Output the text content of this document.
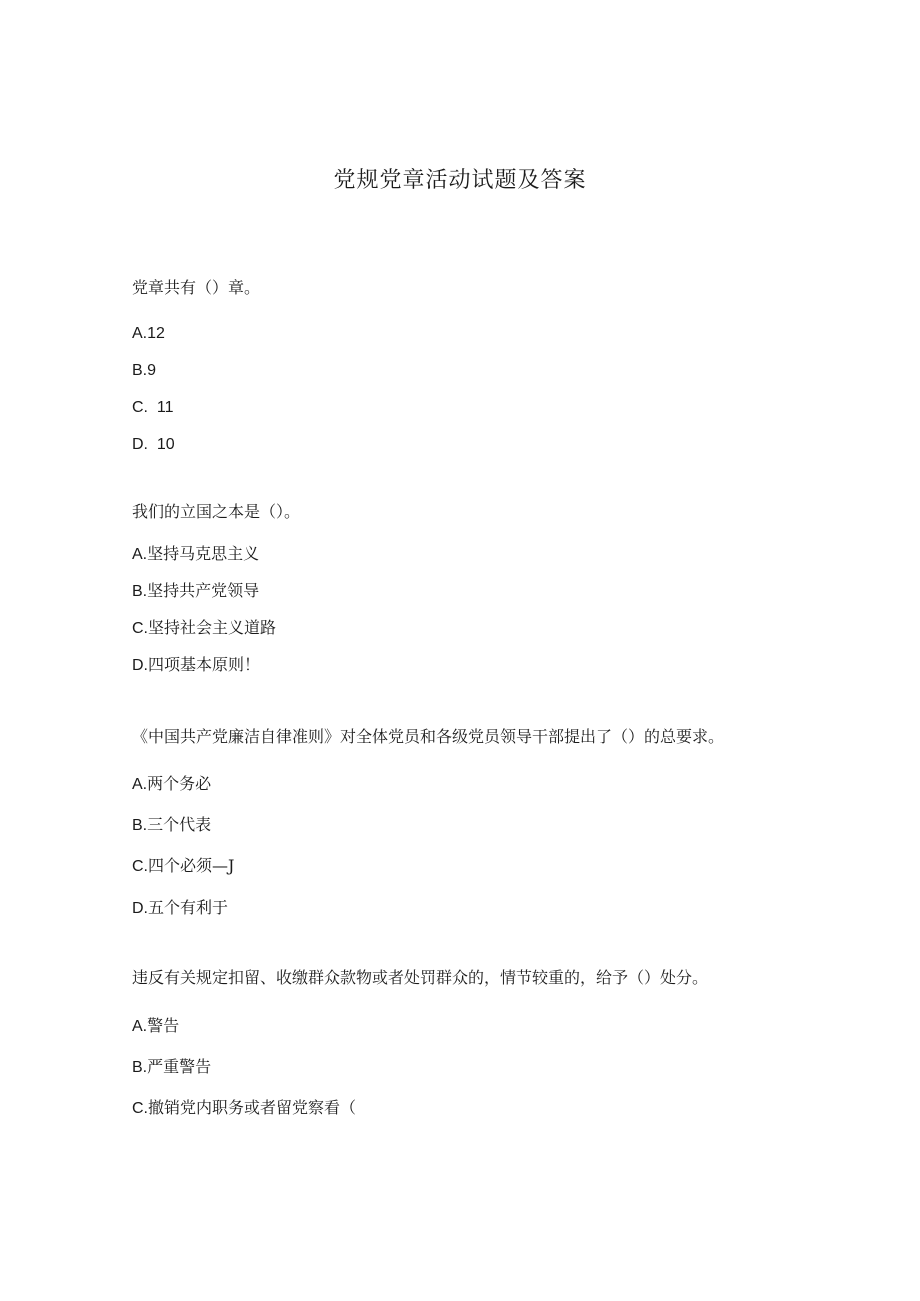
党规党章活动试题及答案
党章共有（）章。
A.12
B.9
C.  11
D.  10
我们的立国之本是（）。
A.坚持马克思主义
B.坚持共产党领导
C.坚持社会主义道路
D.四项基本原则！
《中国共产党廉洁自律准则》对全体党员和各级党员领导干部提出了（）的总要求。
A.两个务必
B.三个代表
C.四个必须—J
D.五个有利于
违反有关规定扣留、收缴群众款物或者处罚群众的，情节较重的，给予（）处分。
A.警告
B.严重警告
C.撤销党内职务或者留党察看（
